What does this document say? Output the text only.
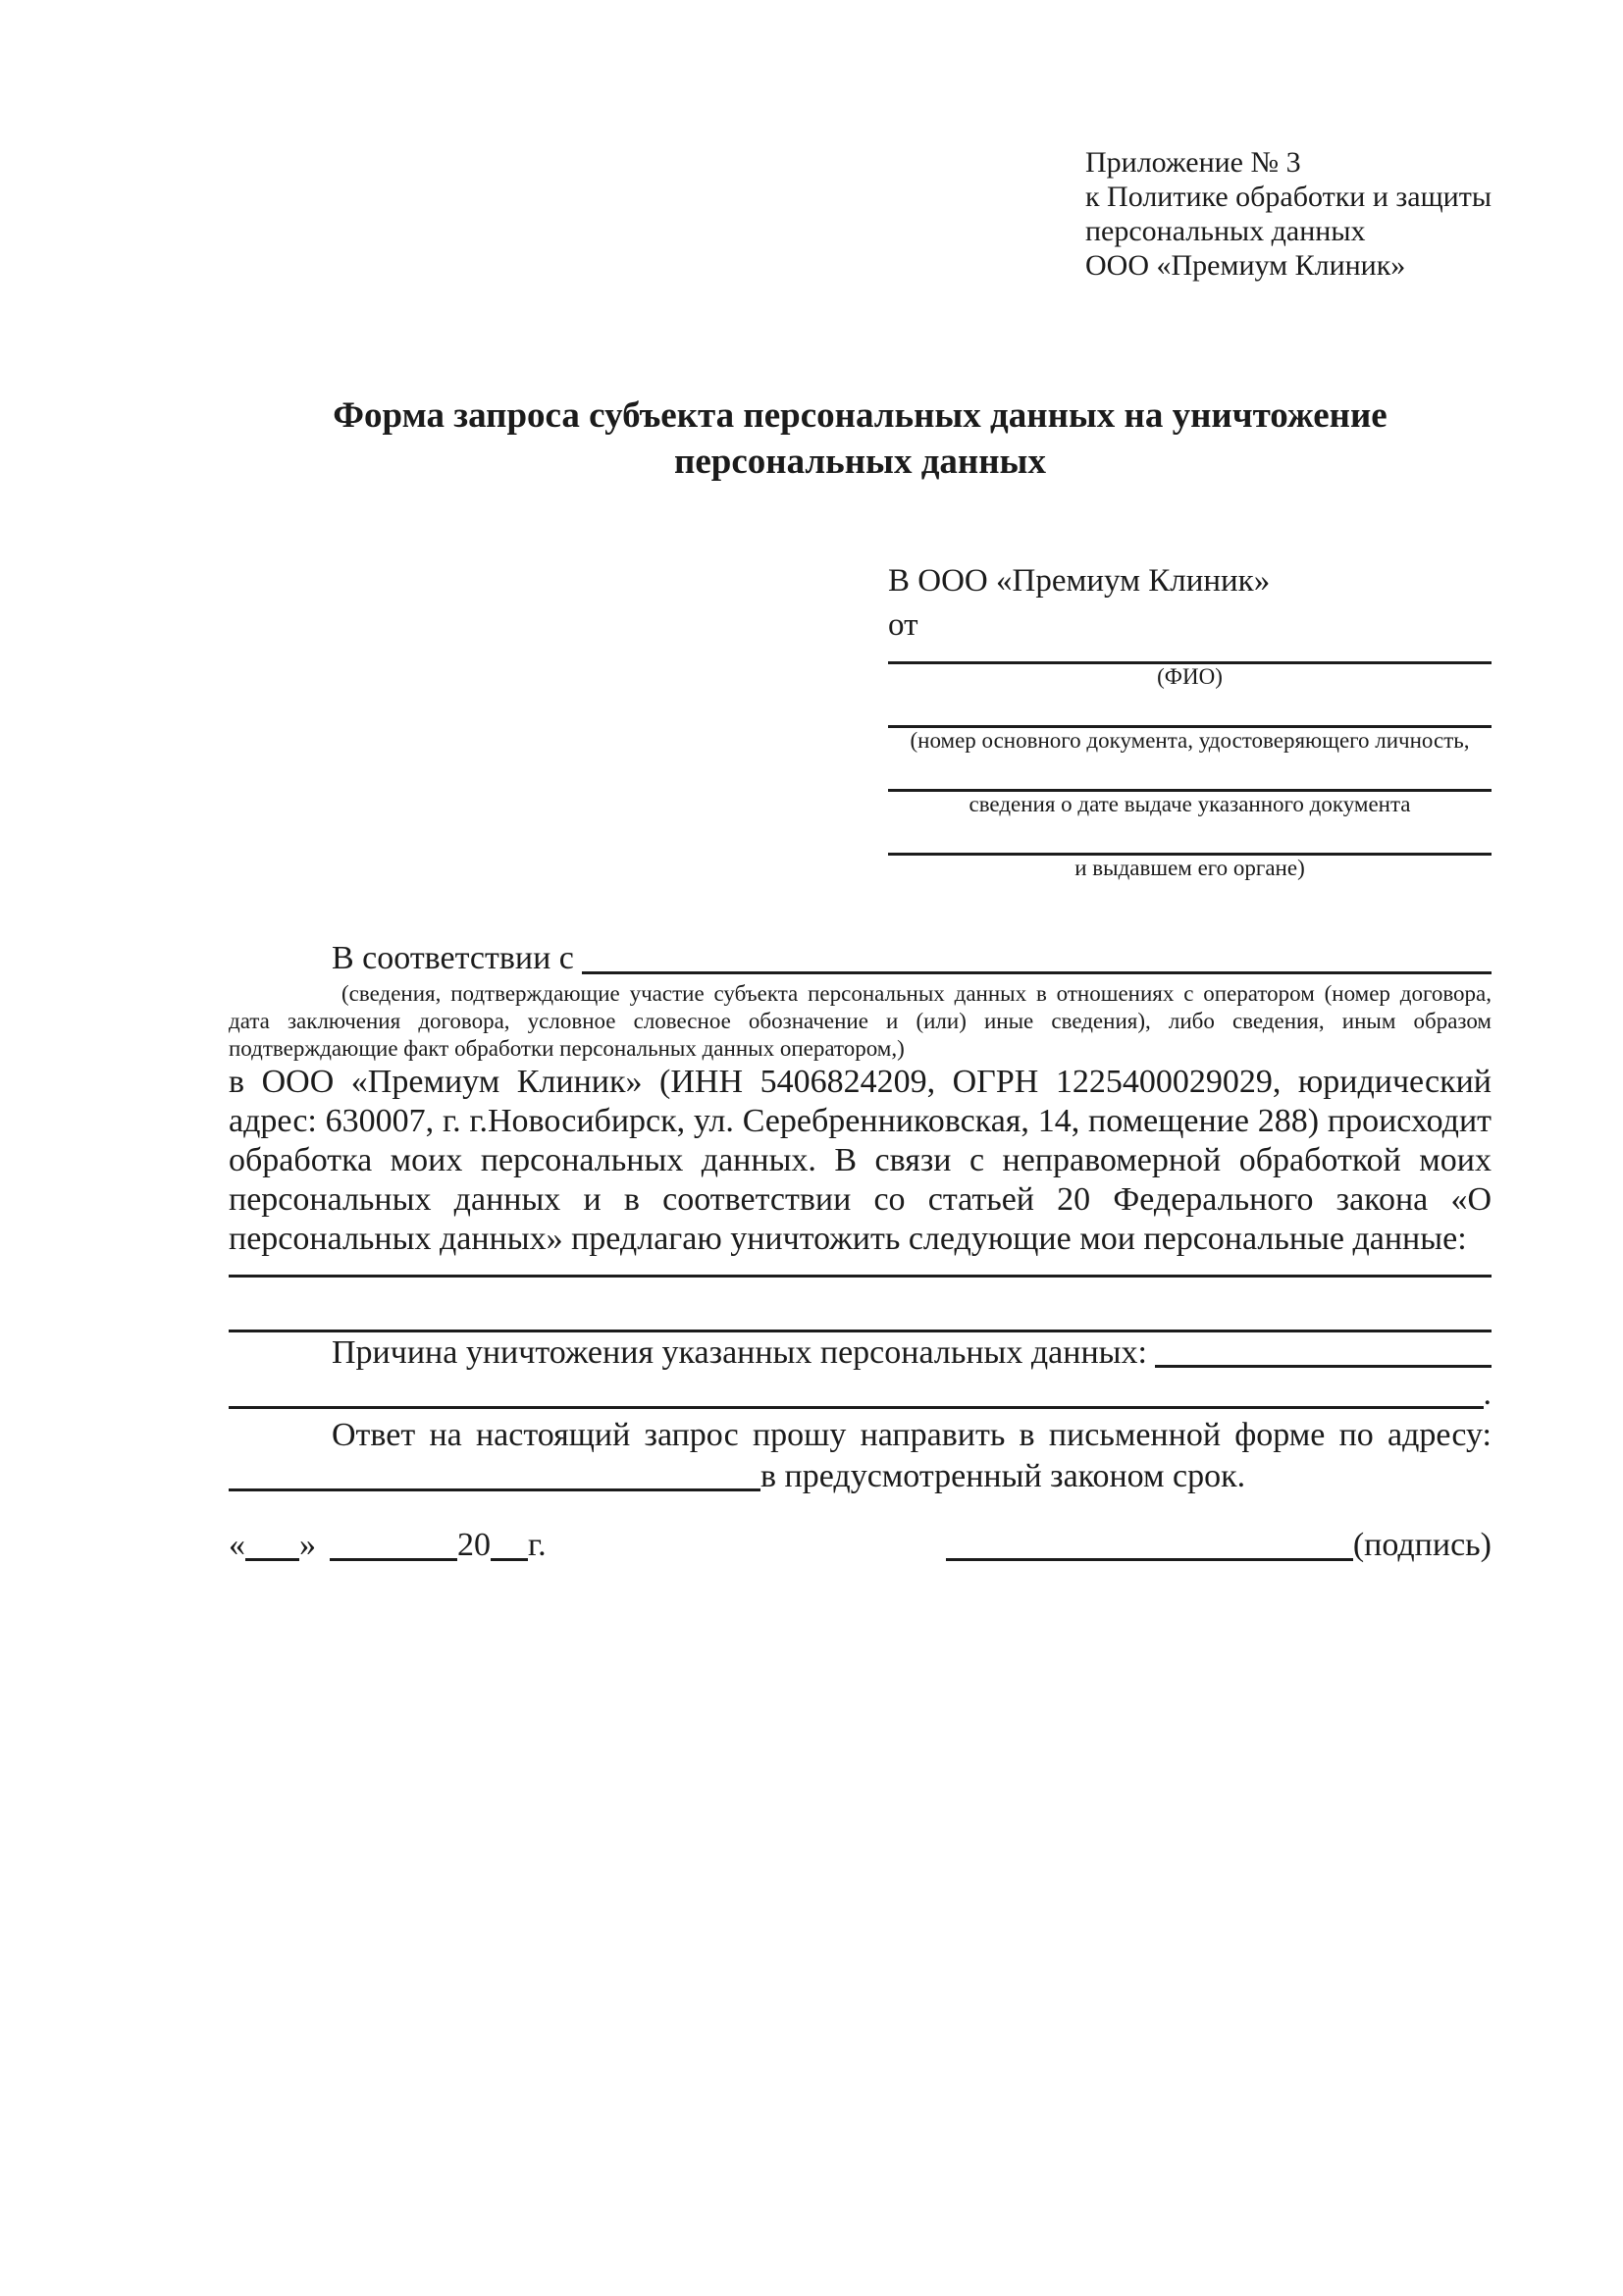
Приложение № 3
к Политике обработки и защиты
персональных данных
ООО «Премиум Клиник»
Форма запроса субъекта персональных данных на уничтожение
персональных данных
В ООО «Премиум Клиник»
от
(ФИО)
(номер основного документа, удостоверяющего личность,
сведения о дате выдаче указанного документа
и выдавшем его органе)
В соответствии с

(сведения, подтверждающие участие субъекта персональных данных в отношениях с оператором (номер договора, дата заключения договора, условное словесное обозначение и (или) иные сведения), либо сведения, иным образом подтверждающие факт обработки персональных данных оператором,)

в ООО «Премиум Клиник» (ИНН 5406824209, ОГРН 1225400029029, юридический адрес: 630007, г. г.Новосибирск, ул. Серебренниковская, 14, помещение 288) происходит обработка моих персональных данных. В связи с неправомерной обработкой моих персональных данных и в соответствии со статьей 20 Федерального закона «О персональных данных» предлагаю уничтожить следующие мои персональные данные:

Причина уничтожения указанных персональных данных:
.
Ответ на настоящий запрос прошу направить в письменной форме по адресу:
в предусмотренный законом срок.
« »	20 г.	(подпись)
